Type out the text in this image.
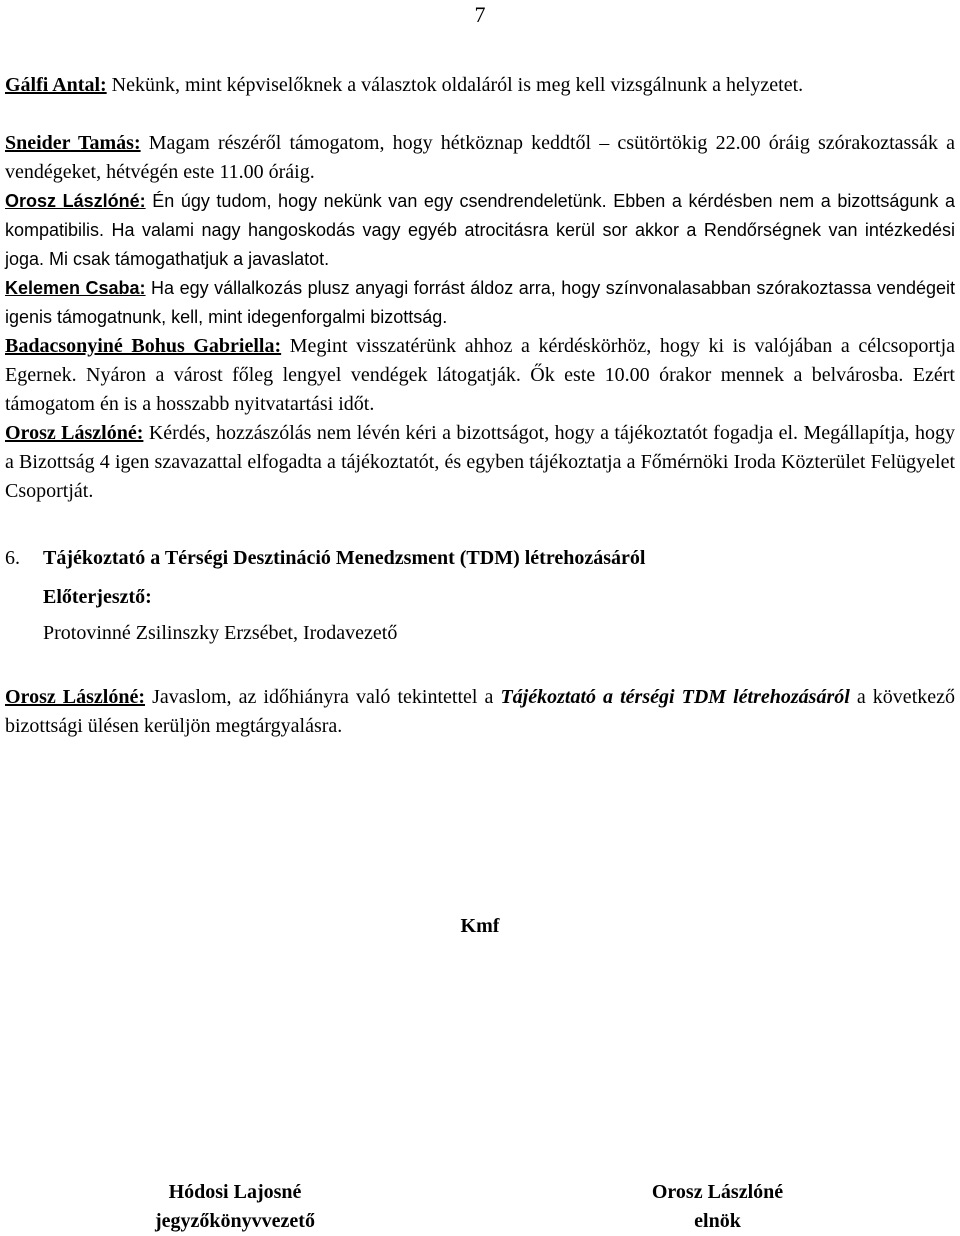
7

Gálfi Antal: Nekünk, mint képviselőknek a választok oldaláról is meg kell vizsgálnunk a helyzetet.

Sneider Tamás: Magam részéről támogatom, hogy hétköznap keddtől – csütörtökig 22.00 óráig szórakoztassák a vendégeket, hétvégén este 11.00 óráig.

Orosz Lászlóné: Én úgy tudom, hogy nekünk van egy csendrendeletünk. Ebben a kérdésben nem a bizottságunk a kompatibilis. Ha valami nagy hangoskodás vagy egyéb atrocitásra kerül sor akkor a Rendőrségnek van intézkedési joga. Mi csak támogathatjuk a javaslatot.

Kelemen Csaba: Ha egy vállalkozás plusz anyagi forrást áldoz arra, hogy színvonalasabban szórakoztassa vendégeit igenis támogatnunk, kell, mint idegenforgalmi bizottság.

Badacsonyiné Bohus Gabriella: Megint visszatérünk ahhoz a kérdéskörhöz, hogy ki is valójában a célcsoportja Egernek. Nyáron a várost főleg lengyel vendégek látogatják. Ők este 10.00 órakor mennek a belvárosba. Ezért támogatom én is a hosszabb nyitvatartási időt.

Orosz Lászlóné: Kérdés, hozzászólás nem lévén kéri a bizottságot, hogy a tájékoztatót fogadja el. Megállapítja, hogy a Bizottság 4 igen szavazattal elfogadta a tájékoztatót, és egyben tájékoztatja a Főmérnöki Iroda Közterület Felügyelet Csoportját.

6.	Tájékoztató a Térségi Desztináció Menedzsment (TDM) létrehozásáról
Előterjesztő:
Protovinné Zsilinszky Erzsébet, Irodavezető

Orosz Lászlóné: Javaslom, az időhiányra való tekintettel a Tájékoztató a térségi TDM létrehozásáról a következő bizottsági ülésen kerüljön megtárgyalásra.

Kmf
Hódosi Lajosné
jegyzőkönyvvezető
Orosz Lászlóné
elnök
